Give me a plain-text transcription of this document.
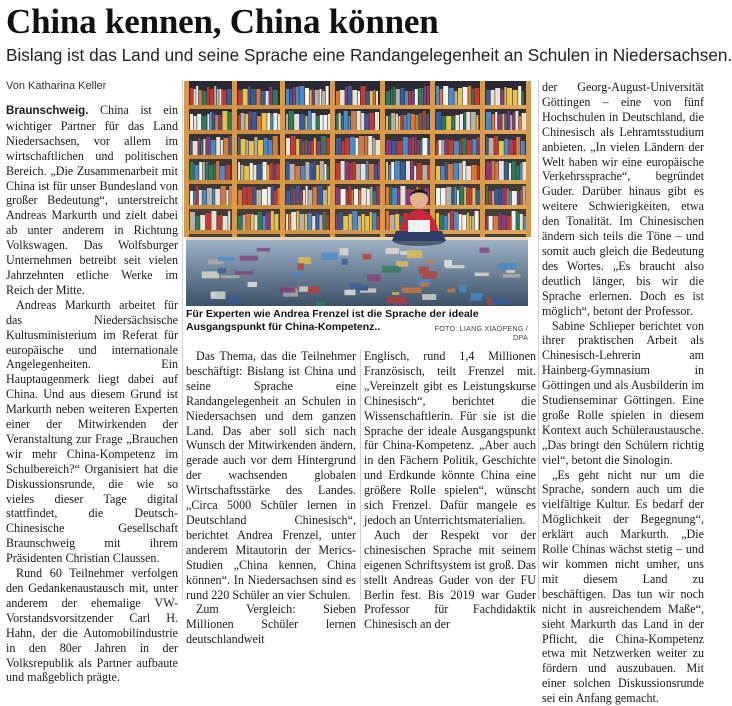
China kennen, China können
Bislang ist das Land und seine Sprache eine Randangelegenheit an Schulen in Niedersachsen.
Von Katharina Keller

Braunschweig. China ist ein wichtiger Partner für das Land Niedersachsen, vor allem im wirtschaftlichen und politischen Bereich. „Die Zusammenarbeit mit China ist für unser Bundesland von großer Bedeutung“, unterstreicht Andreas Markurth und zielt dabei ab unter anderem in Richtung Volkswagen. Das Wolfsburger Unternehmen betreibt seit vielen Jahrzehnten etliche Werke im Reich der Mitte.

Andreas Markurth arbeitet für das Niedersächsische Kultusministerium im Referat für europäische und internationale Angelegenheiten. Ein Hauptaugenmerk liegt dabei auf China. Und aus diesem Grund ist Markurth neben weiteren Experten einer der Mitwirkenden der Veranstaltung zur Frage „Brauchen wir mehr China-Kompetenz im Schulbereich?“ Organisiert hat die Diskussionsrunde, die wie so vieles dieser Tage digital stattfindet, die Deutsch-Chinesische Gesellschaft Braunschweig mit ihrem Präsidenten Christian Claussen.

Rund 60 Teilnehmer verfolgen den Gedankenaustausch mit, unter anderem der ehemalige VW-Vorstandsvorsitzender Carl H. Hahn, der die Automobilindustrie in den 80er Jahren in der Volksrepublik als Partner aufbaute und maßgeblich prägte.

Für Experten wie Andrea Frenzel ist die Sprache der ideale Ausgangspunkt für China-Kompetenz..	FOTO: LIANG XIAOPENG / DPA

Das Thema, das die Teilnehmer beschäftigt: Bislang ist China und seine Sprache eine Randangelegenheit an Schulen in Niedersachsen und dem ganzen Land. Das aber soll sich nach Wunsch der Mitwirkenden ändern, gerade auch vor dem Hintergrund der wachsenden globalen Wirtschaftsstärke des Landes. „Circa 5000 Schüler lernen in Deutschland Chinesisch“, berichtet Andrea Frenzel, unter anderem Mitautorin der Merics-Studien „China kennen, China können“. In Niedersachsen sind es rund 220 Schüler an vier Schulen.

Zum Vergleich: Sieben Millionen Schüler lernen deutschlandweit

Englisch, rund 1,4 Millionen Französisch, teilt Frenzel mit. „Vereinzelt gibt es Leistungskurse Chinesisch“, berichtet die Wissenschaftlerin. Für sie ist die Sprache der ideale Ausgangspunkt für China-Kompetenz. „Aber auch in den Fächern Politik, Geschichte und Erdkunde könnte China eine größere Rolle spielen“, wünscht sich Frenzel. Dafür mangele es jedoch an Unterrichtsmaterialien.

Auch der Respekt vor der chinesischen Sprache mit seinem eigenen Schriftsystem ist groß. Das stellt Andreas Guder von der FU Berlin fest. Bis 2019 war Guder Professor für Fachdidaktik Chinesisch an der

der Georg-August-Universität Göttingen – eine von fünf Hochschulen in Deutschland, die Chinesisch als Lehramtsstudium anbieten. „In vielen Ländern der Welt haben wir eine europäische Verkehrssprache“, begründet Guder. Darüber hinaus gibt es weitere Schwierigkeiten, etwa den Tonalität. Im Chinesischen ändern sich teils die Töne – und somit auch gleich die Bedeutung des Wortes. „Es braucht also deutlich länger, bis wir die Sprache erlernen. Doch es ist möglich“, betont der Professor.

Sabine Schlieper berichtet von ihrer praktischen Arbeit als Chinesisch-Lehrerin am Hainberg-Gymnasium in Göttingen und als Ausbilderin im Studienseminar Göttingen. Eine große Rolle spielen in diesem Kontext auch Schüleraustausche. „Das bringt den Schülern richtig viel“, betont die Sinologin.

„Es geht nicht nur um die Sprache, sondern auch um die vielfältige Kultur. Es bedarf der Möglichkeit der Begegnung“, erklärt auch Markurth. „Die Rolle Chinas wächst stetig – und wir kommen nicht umher, uns mit diesem Land zu beschäftigen. Das tun wir noch nicht in ausreichendem Maße“, sieht Markurth das Land in der Pflicht, die China-Kompetenz etwa mit Netzwerken weiter zu fördern und auszubauen. Mit einer solchen Diskussionsrunde sei ein Anfang gemacht.
